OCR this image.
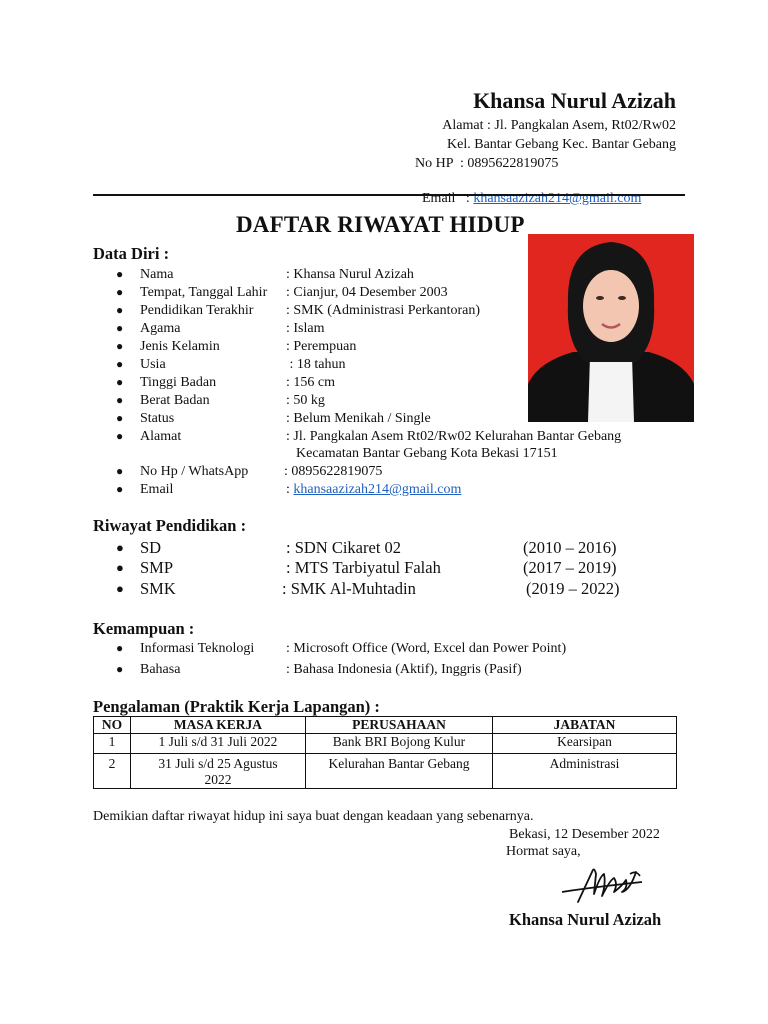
Khansa Nurul Azizah
Alamat : Jl. Pangkalan Asem, Rt02/Rw02
Kel. Bantar Gebang Kec. Bantar Gebang
No HP  : 0895622819075

Email   : khansaazizah214@gmail.com

DAFTAR RIWAYAT HIDUP
Data Diri :
● Nama	: Khansa Nurul Azizah
● Tempat, Tanggal Lahir : Cianjur, 04 Desember 2003
● Pendidikan Terakhir : SMK (Administrasi Perkantoran)
● Agama	: Islam
● Jenis Kelamin	: Perempuan
● Usia	: 18 tahun
● Tinggi Badan	: 156 cm
● Berat Badan	: 50 kg
● Status	: Belum Menikah / Single
● Alamat	: Jl. Pangkalan Asem Rt02/Rw02 Kelurahan Bantar Gebang
Kecamatan Bantar Gebang Kota Bekasi 17151
● No Hp / WhatsApp	: 0895622819075
● Email	: khansaazizah214@gmail.com
Riwayat Pendidikan :
● SD	: SDN Cikaret 02	(2010 – 2016)
● SMP	: MTS Tarbiyatul Falah	(2017 – 2019)
● SMK	: SMK Al-Muhtadin	(2019 – 2022)
Kemampuan :
● Informasi Teknologi : Microsoft Office (Word, Excel dan Power Point)
● Bahasa	: Bahasa Indonesia (Aktif), Inggris (Pasif)
Pengalaman (Praktik Kerja Lapangan) :
NO	MASA KERJA	PERUSAHAAN	JABATAN
1	1 Juli s/d 31 Juli 2022	Bank BRI Bojong Kulur	Kearsipan
2	31 Juli s/d 25 Agustus 2022	Kelurahan Bantar Gebang	Administrasi
Demikian daftar riwayat hidup ini saya buat dengan keadaan yang sebenarnya.
Bekasi, 12 Desember 2022
Hormat saya,
Khansa Nurul Azizah
